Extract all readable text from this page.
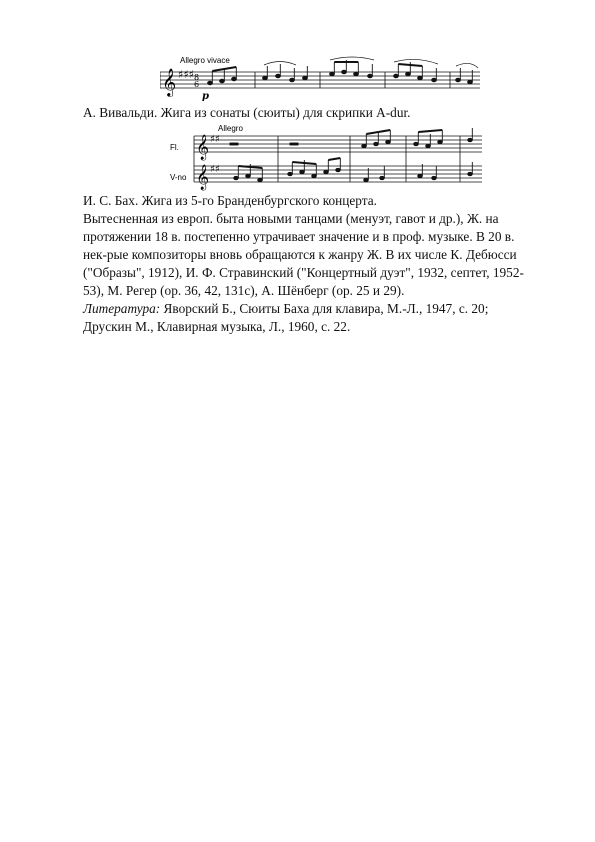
Allegro vivace
𝄞 ♯♯♯
6
8
p
А. Вивальди. Жига из сонаты (сюиты) для скрипки A-dur.
Allegro
Fl.
V-no
𝄞
𝄞
♯♯
♯♯
И. С. Бах. Жига из 5-го Бранденбургского концерта.
Вытесненная из европ. быта новыми танцами (менуэт, гавот и др.), Ж. на
протяжении 18 в. постепенно утрачивает значение и в проф. музыке. В 20 в.
нек-рые композиторы вновь обращаются к жанру Ж. В их числе К. Дебюсси
("Образы", 1912), И. Ф. Стравинский ("Концертный дуэт", 1932, септет, 1952-
53), М. Регер (ор. 36, 42, 131с), А. Шёнберг (ор. 25 и 29).
Литература: Яворский Б., Сюиты Баха для клавира, М.-Л., 1947, с. 20;
Друскин М., Клавирная музыка, Л., 1960, с. 22.
